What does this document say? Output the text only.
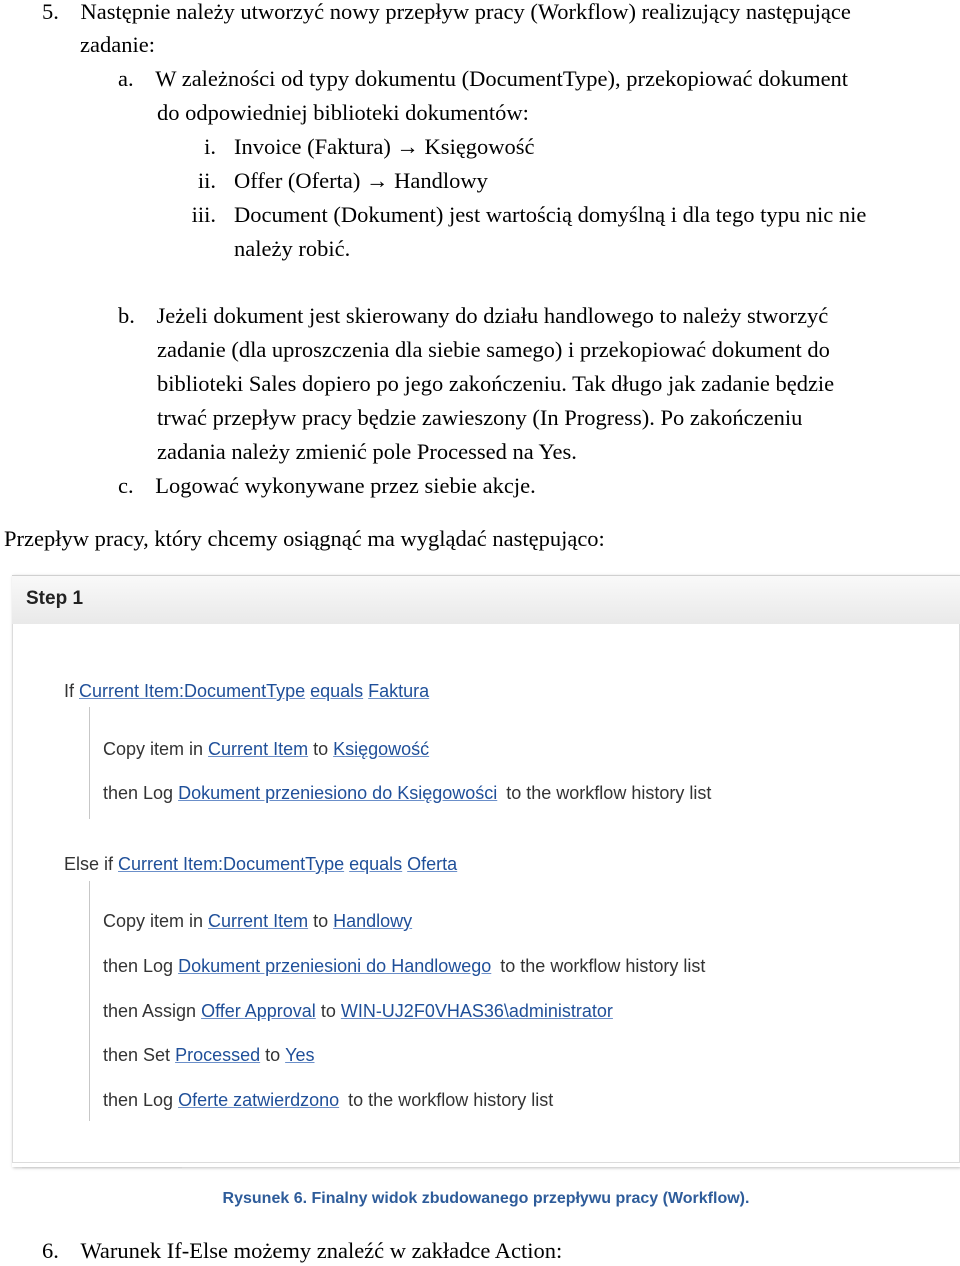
5. Następnie należy utworzyć nowy przepływ pracy (Workflow) realizujący następujące
zadanie:
a. W zależności od typy dokumentu (DocumentType), przekopiować dokument
do odpowiedniej biblioteki dokumentów:
i. Invoice (Faktura) → Księgowość
ii. Offer (Oferta) → Handlowy
iii. Document (Dokument) jest wartością domyślną i dla tego typu nic nie
należy robić.
b. Jeżeli dokument jest skierowany do działu handlowego to należy stworzyć
zadanie (dla uproszczenia dla siebie samego) i przekopiować dokument do
biblioteki Sales dopiero po jego zakończeniu. Tak długo jak zadanie będzie
trwać przepływ pracy będzie zawieszony (In Progress). Po zakończeniu
zadania należy zmienić pole Processed na Yes.
c. Logować wykonywane przez siebie akcje.
Przepływ pracy, który chcemy osiągnąć ma wyglądać następująco:
Step 1
If Current Item:DocumentType equals Faktura
Copy item in Current Item to Księgowość
then Log Dokument przeniesiono do Księgowości to the workflow history list
Else if Current Item:DocumentType equals Oferta
Copy item in Current Item to Handlowy
then Log Dokument przeniesioni do Handlowego to the workflow history list
then Assign Offer Approval to WIN-UJ2F0VHAS36\administrator
then Set Processed to Yes
then Log Oferte zatwierdzono to the workflow history list
Rysunek 6. Finalny widok zbudowanego przepływu pracy (Workflow).
6. Warunek If-Else możemy znaleźć w zakładce Action:
